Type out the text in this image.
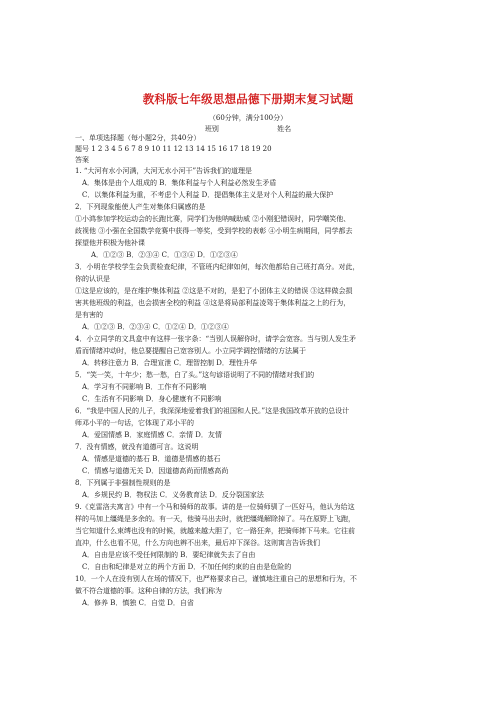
教科版七年级思想品德下册期末复习试题
（60分钟，满分100分）
班别	姓名
一、单项选择题（每小题2分，共40分）
题号 1 2 3 4 5 6 7 8 9 10 11 12 13 14 15 16 17 18 19 20
答案
1. “大河有水小河满，大河无水小河干”告诉我们的道理是
A．集体是由个人组成的 B．集体利益与个人利益必然发生矛盾
C．以集体利益为重，不考虑个人利益 D．提倡集体主义是对个人利益的最大保护
2．下列现象能使人产生对集体归属感的是
①小鸿参加学校运动会的长跑比赛，同学们为他呐喊助威 ②小刚犯错误时，同学嘲笑他、
歧视他 ③小强在全国数学竞赛中获得一等奖，受到学校的表彰 ④小明生病期间，同学都去
探望他并积极为他补课
A．①②③ B．②③④ C．①③④ D．①②③④
3．小明在学校学生会负责检查纪律，不管班内纪律如何，每次他都给自己班打高分。对此，
你的认识是
①这是应该的，是在维护集体利益 ②这是不对的，是犯了小团体主义的错误 ③这样做会损
害其他班级的利益，也会损害全校的利益 ④这是将局部利益凌驾于集体利益之上的行为，
是有害的
A．①②③ B．②③④ C．①②④ D．①②③④
4．小立同学的文具盒中有这样一张字条：“当别人误解你时，请学会宽容。当与别人发生矛
盾而情绪冲动时，他总要提醒自己宽容别人。小立同学调控情绪的方法属于
A．转移注意力 B．合理宣泄 C．理智控制 D．理性升华
5．“笑一笑，十年少；愁一愁，白了头。”这句谚语说明了不同的情绪对我们的
A．学习有不同影响 B．工作有不同影响
C．生活有不同影响 D．身心健康有不同影响
6．“我是中国人民的儿子，我深深地爱着我们的祖国和人民。”这是我国改革开放的总设计
师邓小平的一句话，它体现了邓小平的
A．爱国情感 B．家庭情感 C．亲情 D．友情
7．没有情感，就没有道德可言。这说明
A．情感是道德的基石 B．道德是情感的基石
C．情感与道德无关 D．因道德高尚而情感高尚
8．下列属于非强制性规则的是
A．乡规民约 B．物权法 C．义务教育法 D．反分裂国家法
9.《克雷洛夫寓言》中有一个马和骑师的故事。讲的是一位骑师驯了一匹好马，他认为给这
样的马加上缰绳是多余的。有一天，他骑马出去时，就把缰绳解除掉了。马在原野上飞跑，
当它知道什么束缚也没有的时候，就越来越大胆了，它一路狂奔，把骑师摔下马来。它往前
直冲，什么也看不见，什么方向也辨不出来，最后冲下深谷。这则寓言告诉我们
A．自由是应该不受任何限制的 B．要纪律就失去了自由
C．自由和纪律是对立的两个方面 D．不加任何约束的自由是危险的
10．一个人在没有别人在场的情况下，也严格要求自己，谨慎地注重自己的思想和行为，不
做不符合道德的事。这种自律的方法，我们称为
A．修养 B．慎独 C．自觉 D．自省
